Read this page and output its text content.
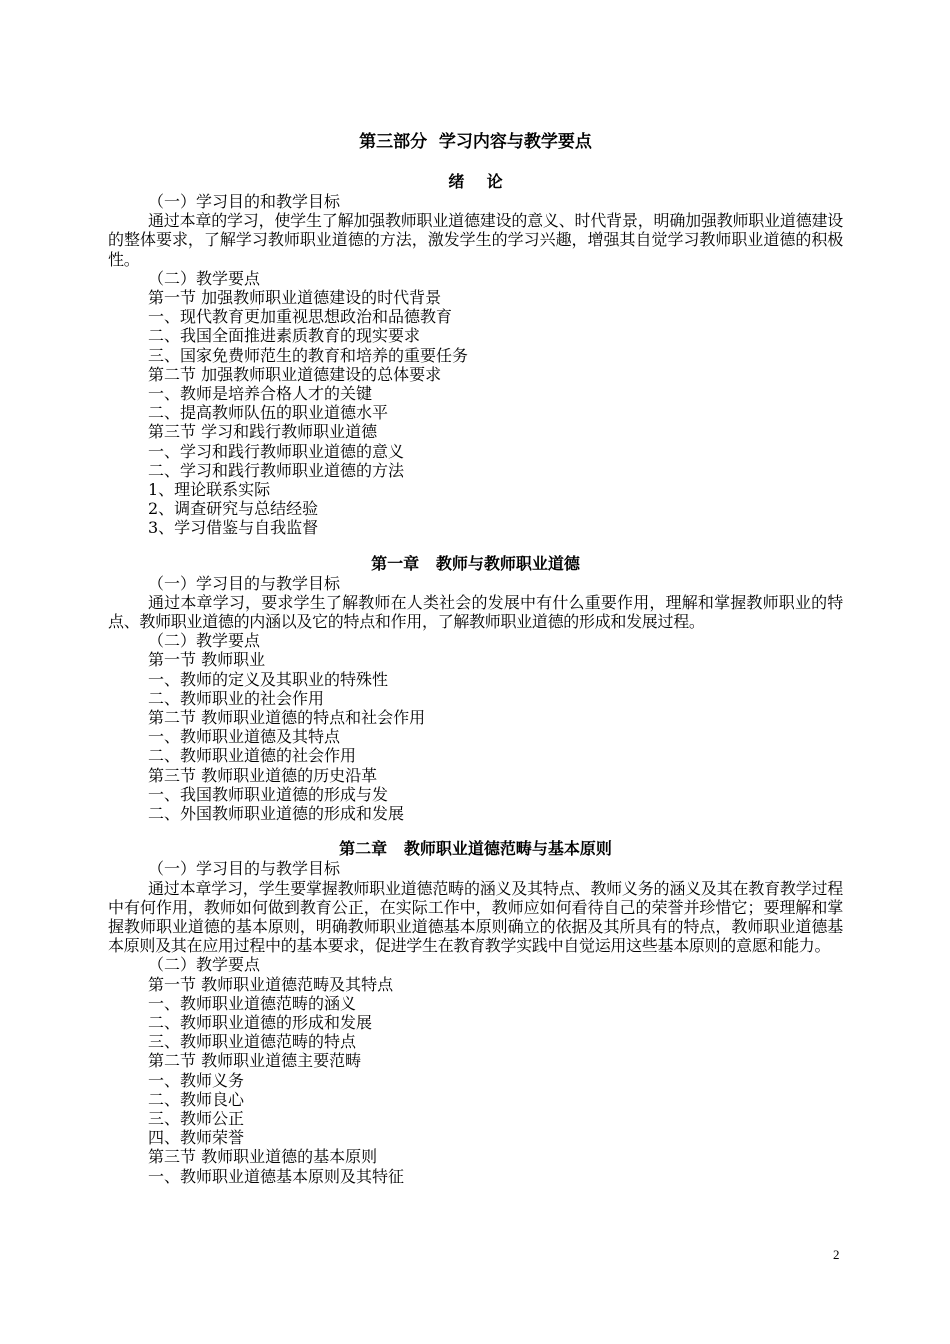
第三部分  学习内容与教学要点
绪    论
（一）学习目的和教学目标
通过本章的学习，使学生了解加强教师职业道德建设的意义、时代背景，明确加强教师职业道德建设的整体要求，了解学习教师职业道德的方法，激发学生的学习兴趣，增强其自觉学习教师职业道德的积极性。
（二）教学要点
第一节 加强教师职业道德建设的时代背景
一、现代教育更加重视思想政治和品德教育
二、我国全面推进素质教育的现实要求
三、国家免费师范生的教育和培养的重要任务
第二节 加强教师职业道德建设的总体要求
一、教师是培养合格人才的关键
二、提高教师队伍的职业道德水平
第三节 学习和践行教师职业道德
一、学习和践行教师职业道德的意义
二、学习和践行教师职业道德的方法
1、理论联系实际
2、调查研究与总结经验
3、学习借鉴与自我监督
第一章   教师与教师职业道德
（一）学习目的与教学目标
通过本章学习，要求学生了解教师在人类社会的发展中有什么重要作用，理解和掌握教师职业的特点、教师职业道德的内涵以及它的特点和作用，了解教师职业道德的形成和发展过程。
（二）教学要点
第一节 教师职业
一、教师的定义及其职业的特殊性
二、教师职业的社会作用
第二节 教师职业道德的特点和社会作用
一、教师职业道德及其特点
二、教师职业道德的社会作用
第三节 教师职业道德的历史沿革
一、我国教师职业道德的形成与发
二、外国教师职业道德的形成和发展
第二章   教师职业道德范畴与基本原则
（一）学习目的与教学目标
通过本章学习，学生要掌握教师职业道德范畴的涵义及其特点、教师义务的涵义及其在教育教学过程中有何作用，教师如何做到教育公正，在实际工作中，教师应如何看待自己的荣誉并珍惜它；要理解和掌握教师职业道德的基本原则，明确教师职业道德基本原则确立的依据及其所具有的特点，教师职业道德基本原则及其在应用过程中的基本要求，促进学生在教育教学实践中自觉运用这些基本原则的意愿和能力。
（二）教学要点
第一节 教师职业道德范畴及其特点
一、教师职业道德范畴的涵义
二、教师职业道德的形成和发展
三、教师职业道德范畴的特点
第二节 教师职业道德主要范畴
一、教师义务
二、教师良心
三、教师公正
四、教师荣誉
第三节 教师职业道德的基本原则
一、教师职业道德基本原则及其特征
2
